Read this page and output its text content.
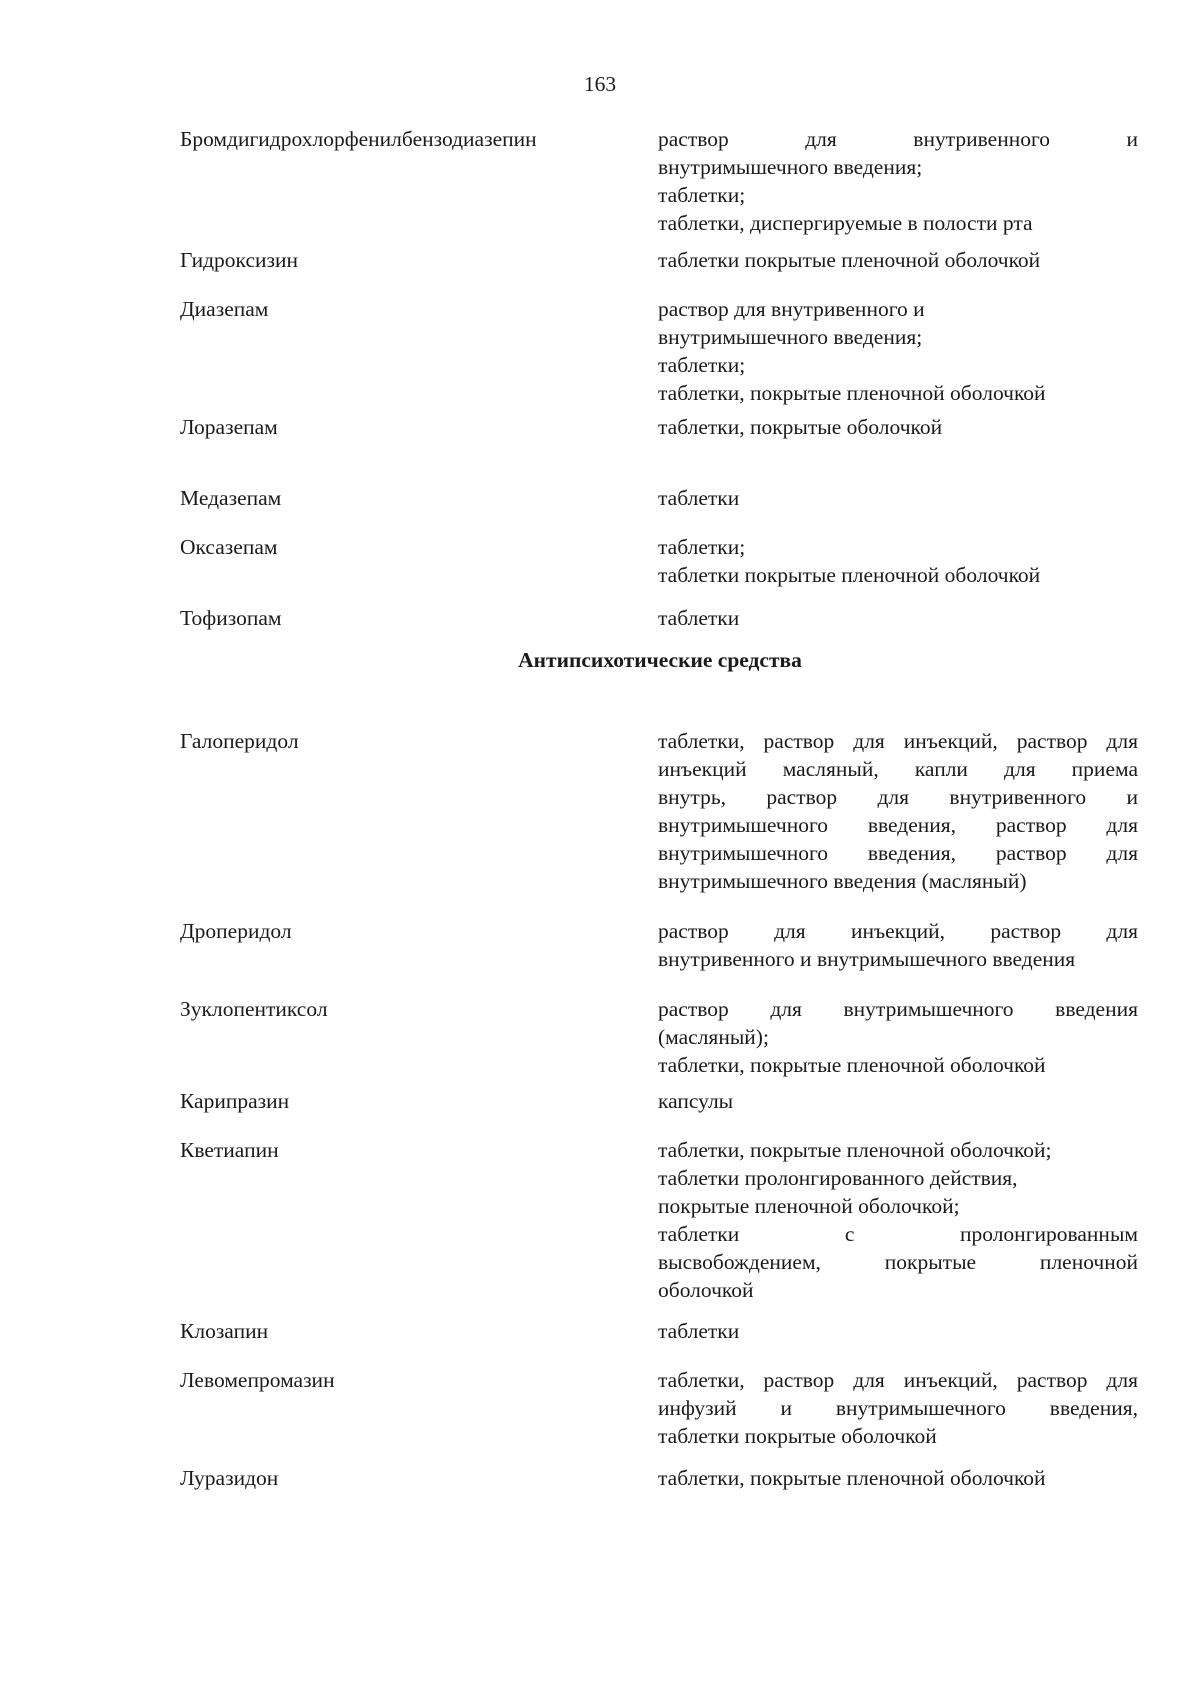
163
Бромдигидрохлорфенилбензодиазепин	раствор для внутривенного и
внутримышечного введения;
таблетки;
таблетки, диспергируемые в полости рта
Гидроксизин	таблетки покрытые пленочной оболочкой
Диазепам	раствор для внутривенного и
внутримышечного введения;
таблетки;
таблетки, покрытые пленочной оболочкой
Лоразепам	таблетки, покрытые оболочкой
Медазепам	таблетки
Оксазепам	таблетки;
таблетки покрытые пленочной оболочкой
Тофизопам	таблетки
Галоперидол	таблетки, раствор для инъекций, раствор для
инъекций масляный, капли для приема
внутрь, раствор для внутривенного и
внутримышечного введения, раствор для
внутримышечного введения, раствор для
внутримышечного введения (масляный)
Дроперидол	раствор для инъекций, раствор для
внутривенного и внутримышечного введения
Зуклопентиксол	раствор для внутримышечного введения
(масляный);
таблетки, покрытые пленочной оболочкой
Карипразин	капсулы
Кветиапин	таблетки, покрытые пленочной оболочкой;
таблетки пролонгированного действия,
покрытые пленочной оболочкой;
таблетки с пролонгированным
высвобождением, покрытые пленочной
оболочкой
Клозапин	таблетки
Левомепромазин	таблетки, раствор для инъекций, раствор для
инфузий и внутримышечного введения,
таблетки покрытые оболочкой
Луразидон	таблетки, покрытые пленочной оболочкой
Антипсихотические средства
